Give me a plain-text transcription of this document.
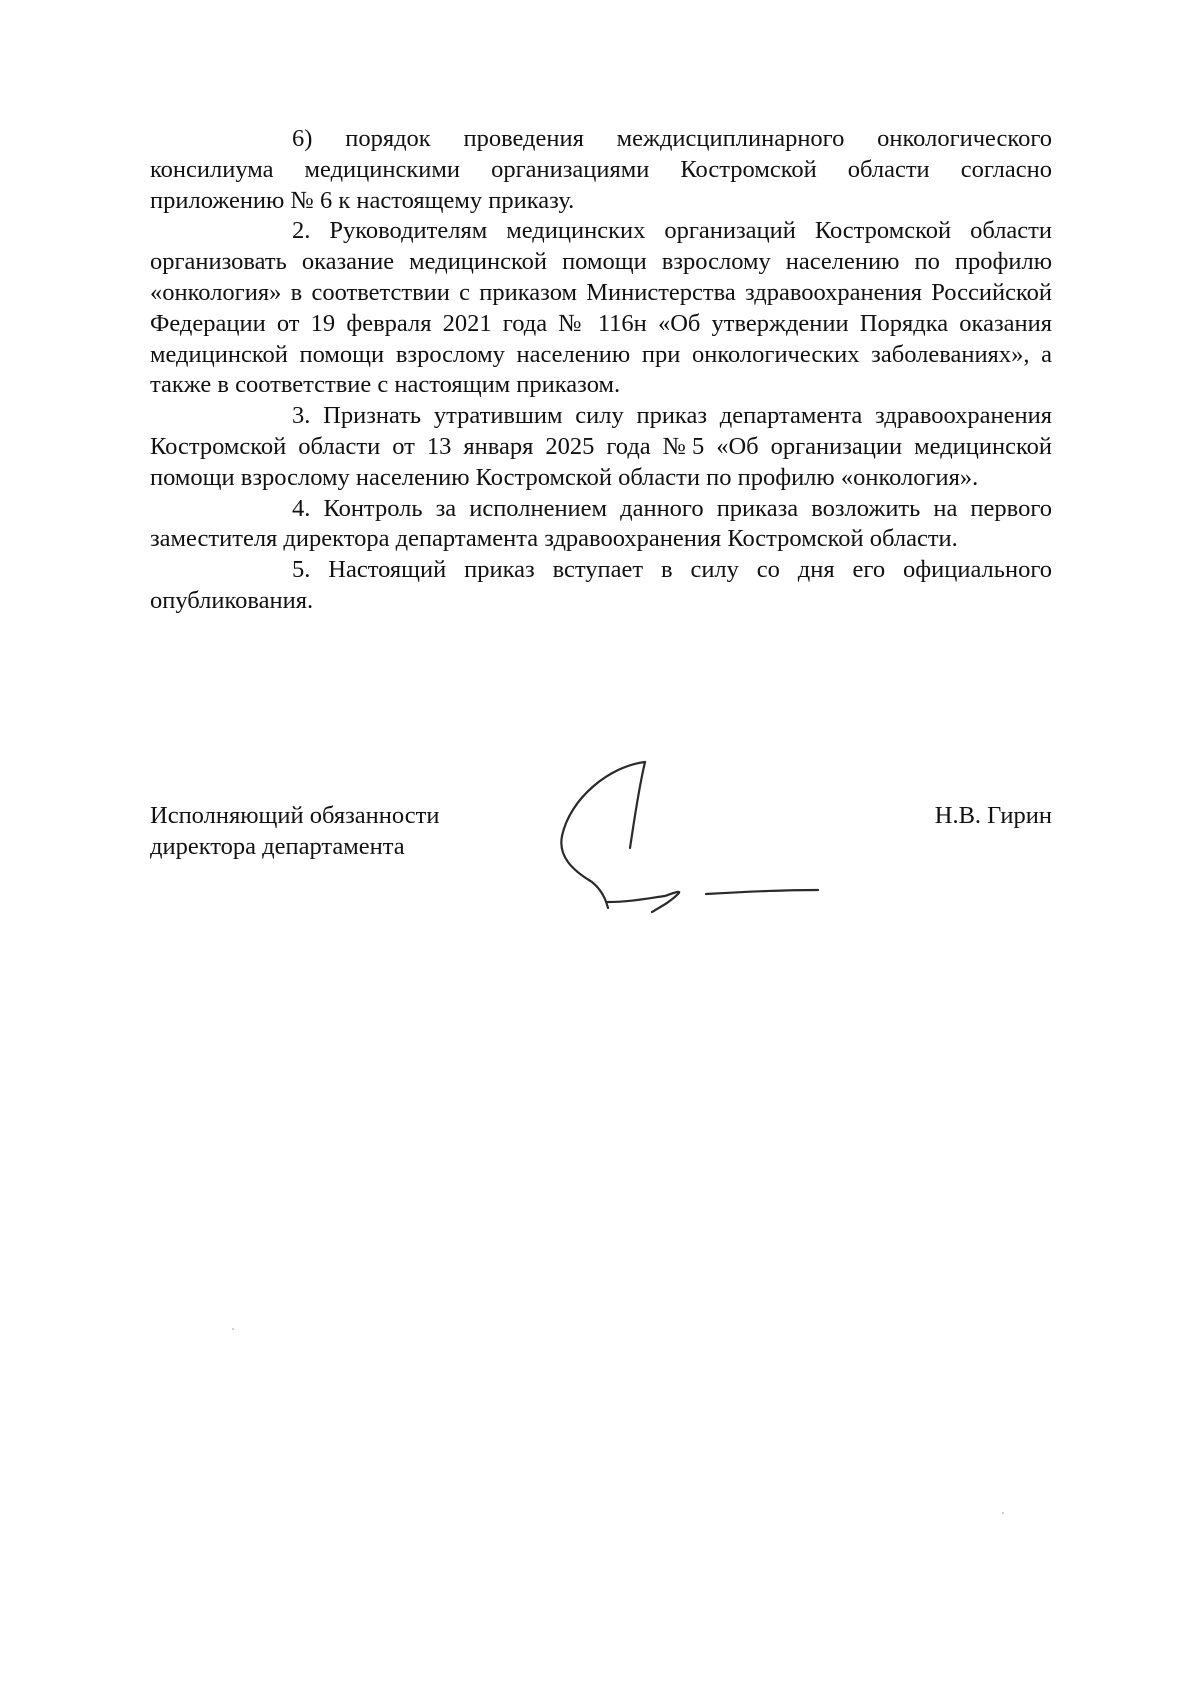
6) порядок проведения междисциплинарного онкологического консилиума медицинскими организациями Костромской области согласно приложению № 6 к настоящему приказу.

2. Руководителям медицинских организаций Костромской области организовать оказание медицинской помощи взрослому населению по профилю «онкология» в соответствии с приказом Министерства здравоохранения Российской Федерации от 19 февраля 2021 года № 116н «Об утверждении Порядка оказания медицинской помощи взрослому населению при онкологических заболеваниях», а также в соответствие с настоящим приказом.

3. Признать утратившим силу приказ департамента здравоохранения Костромской области от 13 января 2025 года №5 «Об организации медицинской помощи взрослому населению Костромской области по профилю «онкология».

4. Контроль за исполнением данного приказа возложить на первого заместителя директора департамента здравоохранения Костромской области.

5. Настоящий приказ вступает в силу со дня его официального опубликования.

Исполняющий обязанности
директора департамента
Н.В. Гирин
